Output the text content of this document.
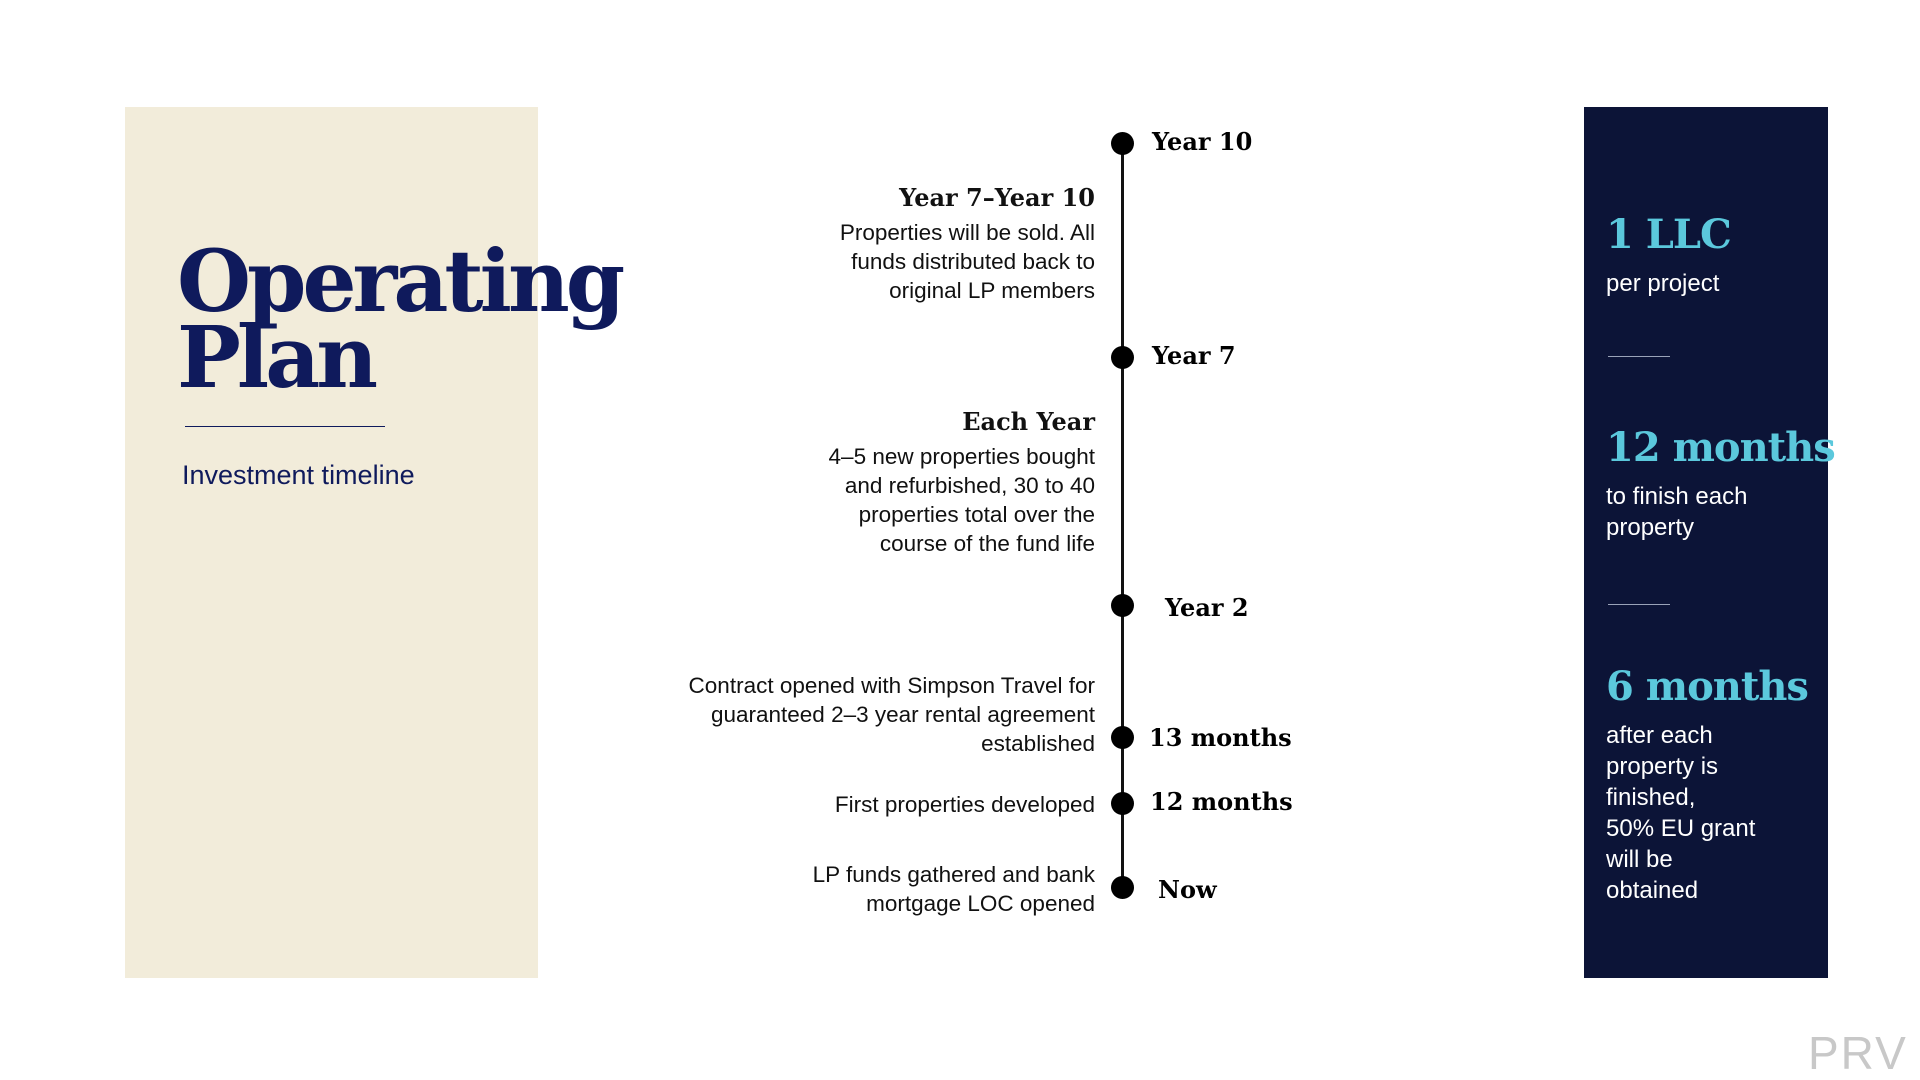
Operating
Plan
Investment timeline
Year 10
Year 7
Year 2
13 months
12 months
Now
Year 7–Year 10
Properties will be sold. All
funds distributed back to
original LP members
Each Year
4–5 new properties bought
and refurbished, 30 to 40
properties total over the
course of the fund life
Contract opened with Simpson Travel for
guaranteed 2–3 year rental agreement
established
First properties developed
LP funds gathered and bank
mortgage LOC opened
1 LLC
per project
12 months
to finish each property
6 months
after each property is finished,
50% EU grant will be obtained
PRV
